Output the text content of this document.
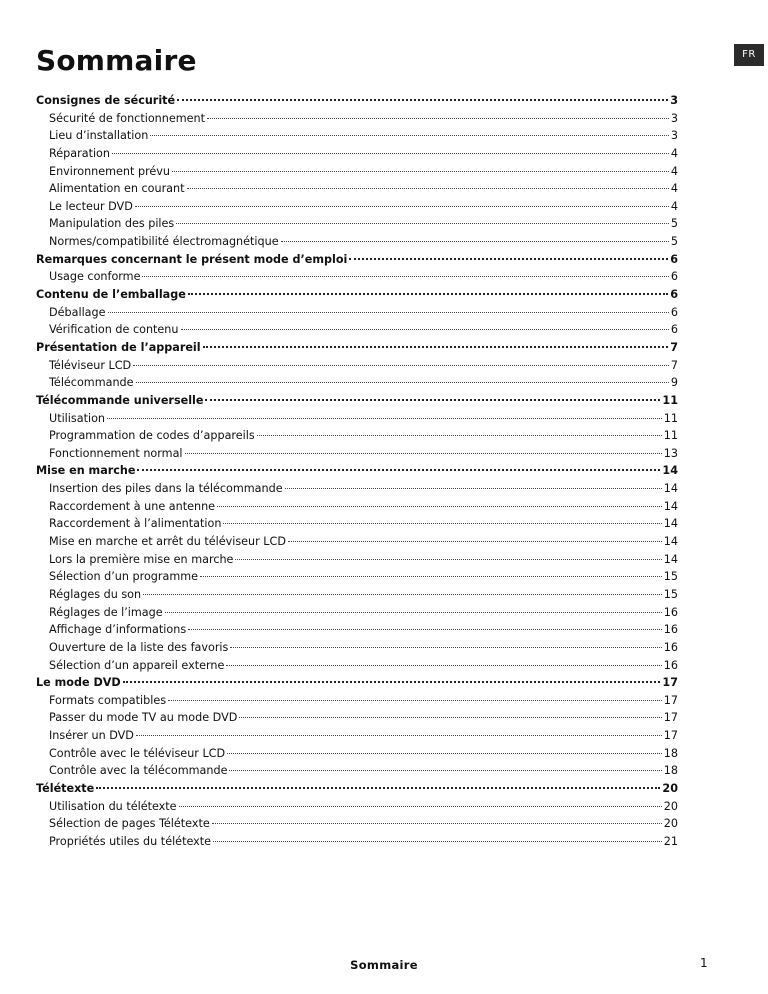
FR
Sommaire
Consignes de sécurité	3
Sécurité de fonctionnement	3
Lieu d’installation	3
Réparation	4
Environnement prévu	4
Alimentation en courant	4
Le lecteur DVD	4
Manipulation des piles	5
Normes/compatibilité électromagnétique	5
Remarques concernant le présent mode d’emploi	6
Usage conforme	6
Contenu de l’emballage	6
Déballage	6
Vérification de contenu	6
Présentation de l’appareil	7
Téléviseur LCD	7
Télécommande	9
Télécommande universelle	11
Utilisation	11
Programmation de codes d’appareils	11
Fonctionnement normal	13
Mise en marche	14
Insertion des piles dans la télécommande	14
Raccordement à une antenne	14
Raccordement à l’alimentation	14
Mise en marche et arrêt du téléviseur LCD	14
Lors la première mise en marche	14
Sélection d’un programme	15
Réglages du son	15
Réglages de l’image	16
Affichage d’informations	16
Ouverture de la liste des favoris	16
Sélection d’un appareil externe	16
Le mode DVD	17
Formats compatibles	17
Passer du mode TV au mode DVD	17
Insérer un DVD	17
Contrôle avec le téléviseur LCD	18
Contrôle avec la télécommande	18
Télétexte	20
Utilisation du télétexte	20
Sélection de pages Télétexte	20
Propriétés utiles du télétexte	21
Sommaire	1
